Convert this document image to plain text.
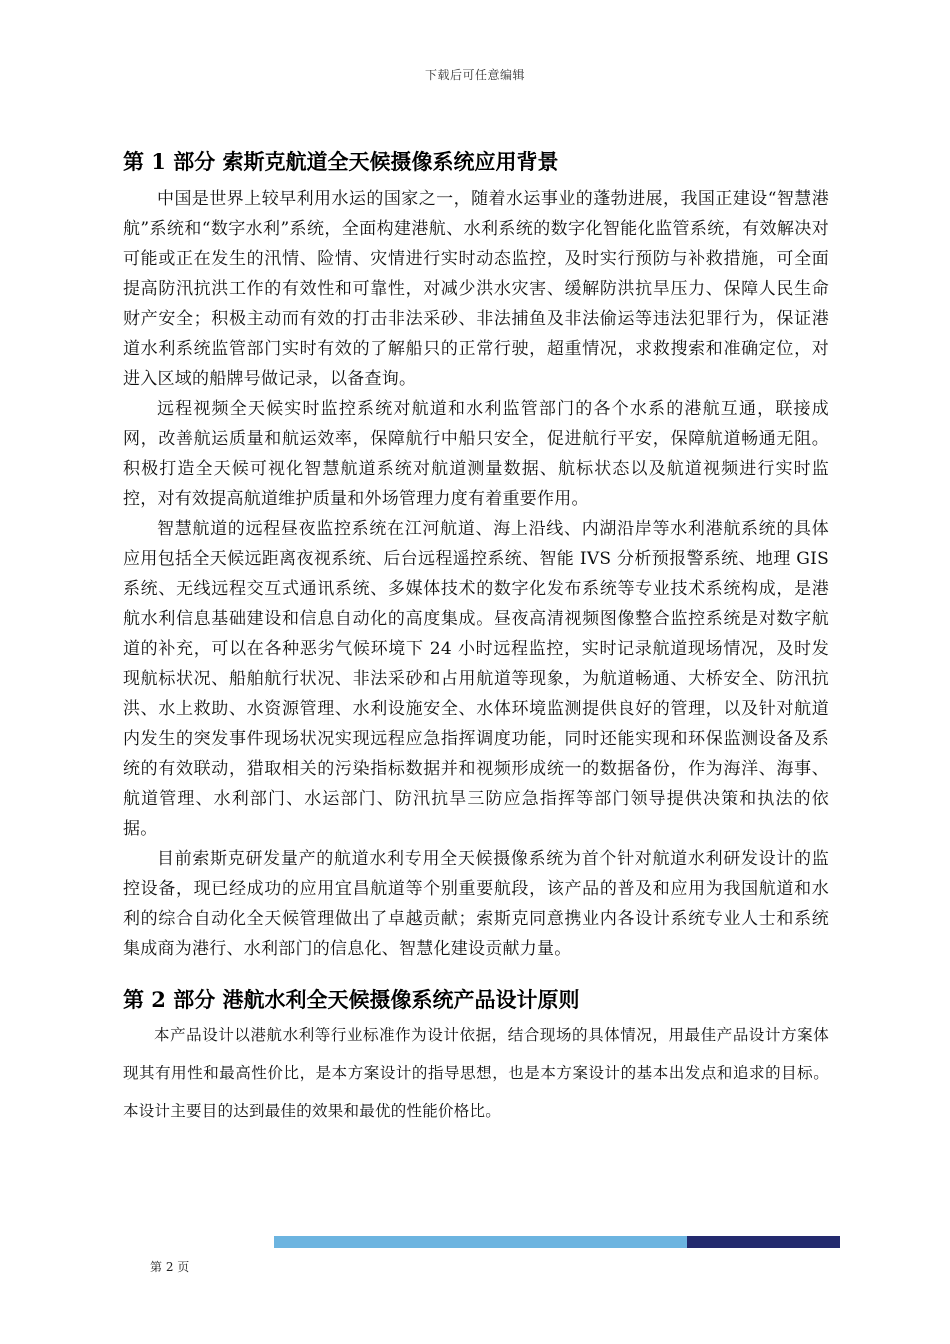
下载后可任意编辑
第 1 部分 索斯克航道全天候摄像系统应用背景

中国是世界上较早利用水运的国家之一，随着水运事业的蓬勃进展，我国正建设“智慧港航”系统和“数字水利”系统，全面构建港航、水利系统的数字化智能化监管系统，有效解决对可能或正在发生的汛情、险情、灾情进行实时动态监控，及时实行预防与补救措施，可全面提高防汛抗洪工作的有效性和可靠性，对减少洪水灾害、缓解防洪抗旱压力、保障人民生命财产安全；积极主动而有效的打击非法采砂、非法捕鱼及非法偷运等违法犯罪行为，保证港道水利系统监管部门实时有效的了解船只的正常行驶，超重情况，求救搜索和准确定位，对进入区域的船牌号做记录，以备查询。

远程视频全天候实时监控系统对航道和水利监管部门的各个水系的港航互通，联接成网，改善航运质量和航运效率，保障航行中船只安全，促进航行平安，保障航道畅通无阻。积极打造全天候可视化智慧航道系统对航道测量数据、航标状态以及航道视频进行实时监控，对有效提高航道维护质量和外场管理力度有着重要作用。

智慧航道的远程昼夜监控系统在江河航道、海上沿线、内湖沿岸等水利港航系统的具体应用包括全天候远距离夜视系统、后台远程遥控系统、智能 IVS 分析预报警系统、地理 GIS 系统、无线远程交互式通讯系统、多媒体技术的数字化发布系统等专业技术系统构成，是港航水利信息基础建设和信息自动化的高度集成。昼夜高清视频图像整合监控系统是对数字航道的补充，可以在各种恶劣气候环境下 24 小时远程监控，实时记录航道现场情况，及时发现航标状况、船舶航行状况、非法采砂和占用航道等现象，为航道畅通、大桥安全、防汛抗洪、水上救助、水资源管理、水利设施安全、水体环境监测提供良好的管理，以及针对航道内发生的突发事件现场状况实现远程应急指挥调度功能，同时还能实现和环保监测设备及系统的有效联动，猎取相关的污染指标数据并和视频形成统一的数据备份，作为海洋、海事、航道管理、水利部门、水运部门、防汛抗旱三防应急指挥等部门领导提供决策和执法的依据。

目前索斯克研发量产的航道水利专用全天候摄像系统为首个针对航道水利研发设计的监控设备，现已经成功的应用宜昌航道等个别重要航段，该产品的普及和应用为我国航道和水利的综合自动化全天候管理做出了卓越贡献；索斯克同意携业内各设计系统专业人士和系统集成商为港行、水利部门的信息化、智慧化建设贡献力量。

第 2 部分 港航水利全天候摄像系统产品设计原则

本产品设计以港航水利等行业标准作为设计依据，结合现场的具体情况，用最佳产品设计方案体现其有用性和最高性价比，是本方案设计的指导思想，也是本方案设计的基本出发点和追求的目标。本设计主要目的达到最佳的效果和最优的性能价格比。

第 2 页
